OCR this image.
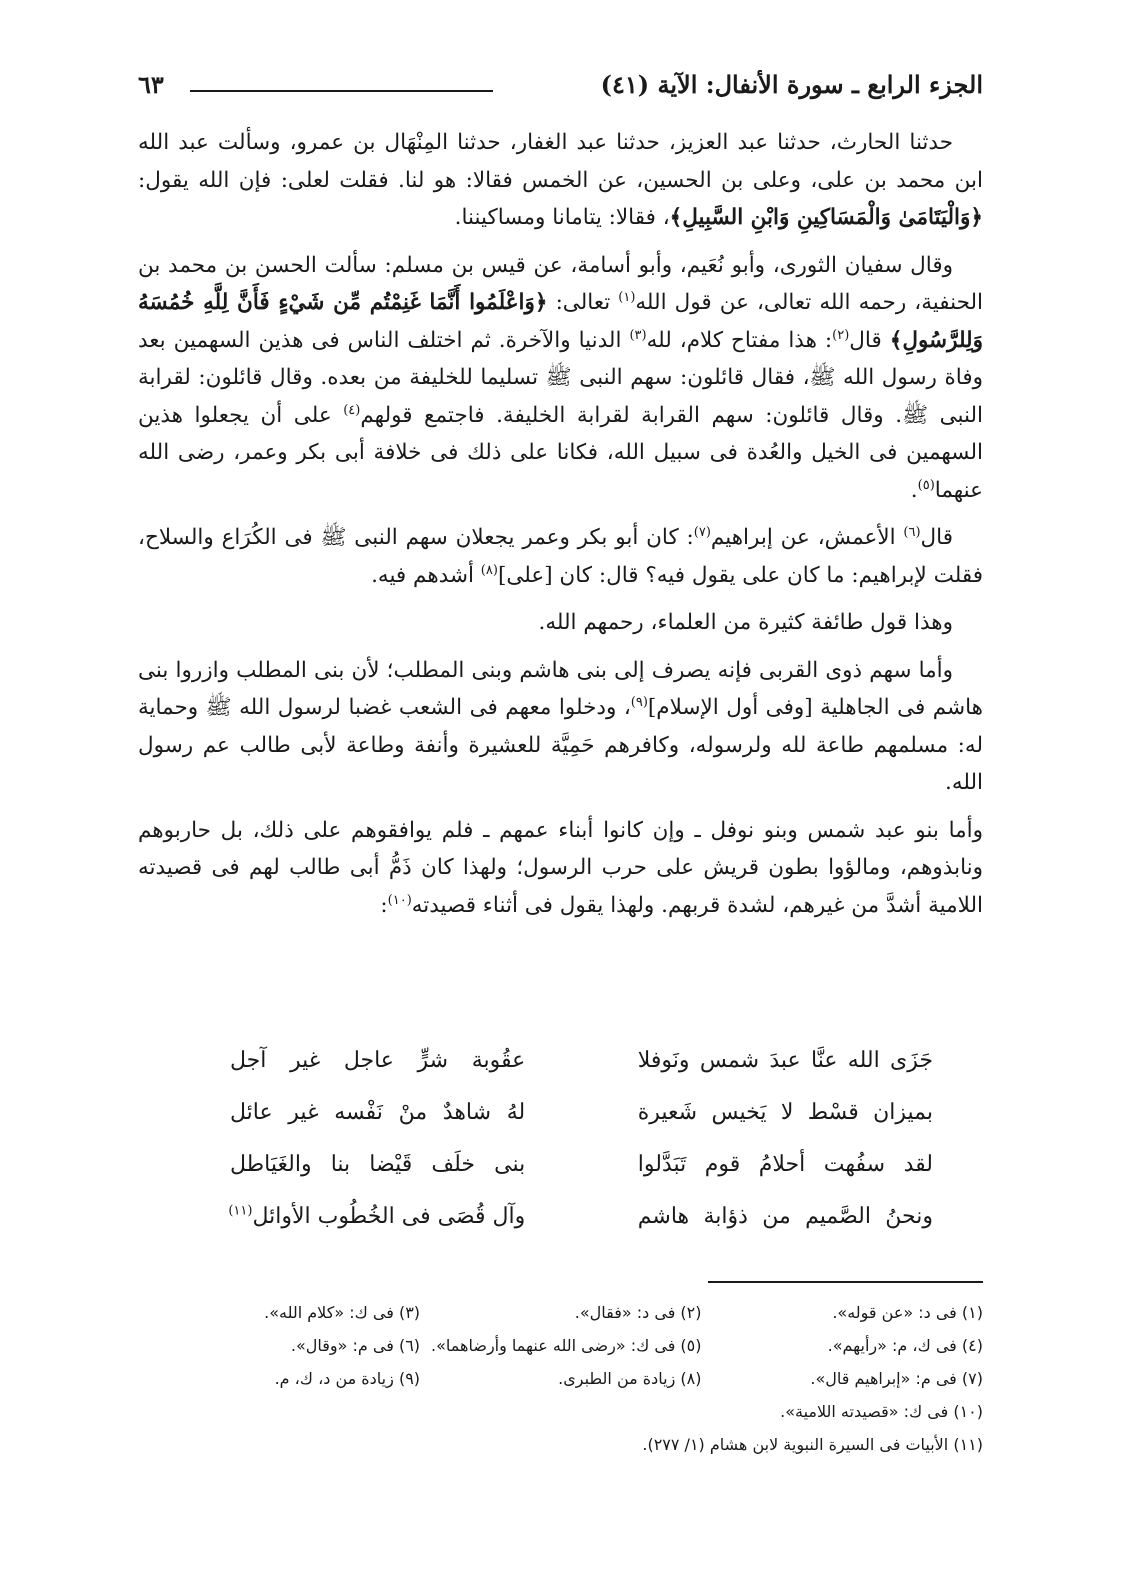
الجزء الرابع ـ سورة الأنفال: الآية (٤١)
٦٣

حدثنا الحارث، حدثنا عبد العزيز، حدثنا عبد الغفار، حدثنا المِنْهَال بن عمرو، وسألت عبد الله ابن محمد بن على، وعلى بن الحسين، عن الخمس فقالا: هو لنا. فقلت لعلى: فإن الله يقول: ﴿وَالْيَتَامَىٰ وَالْمَسَاكِينِ وَابْنِ السَّبِيلِ﴾، فقالا: يتامانا ومساكيننا.

وقال سفيان الثورى، وأبو نُعَيم، وأبو أسامة، عن قيس بن مسلم: سألت الحسن بن محمد بن الحنفية، رحمه الله تعالى، عن قول الله$^{(١)}$ تعالى: ﴿وَاعْلَمُوا أَنَّمَا غَنِمْتُم مِّن شَيْءٍ فَأَنَّ لِلَّهِ خُمُسَهُ وَلِلرَّسُولِ﴾ قال$^{(٢)}$: هذا مفتاح كلام، لله$^{(٣)}$ الدنيا والآخرة. ثم اختلف الناس فى هذين السهمين بعد وفاة رسول الله ﷺ، فقال قائلون: سهم النبى ﷺ تسليما للخليفة من بعده. وقال قائلون: لقرابة النبى ﷺ. وقال قائلون: سهم القرابة لقرابة الخليفة. فاجتمع قولهم$^{(٤)}$ على أن يجعلوا هذين السهمين فى الخيل والعُدة فى سبيل الله، فكانا على ذلك فى خلافة أبى بكر وعمر، رضى الله عنهما$^{(٥)}$.

قال$^{(٦)}$ الأعمش، عن إبراهيم$^{(٧)}$: كان أبو بكر وعمر يجعلان سهم النبى ﷺ فى الكُرَاع والسلاح، فقلت لإبراهيم: ما كان على يقول فيه؟ قال: كان [على]$^{(٨)}$ أشدهم فيه.

وهذا قول طائفة كثيرة من العلماء، رحمهم الله.

وأما سهم ذوى القربى فإنه يصرف إلى بنى هاشم وبنى المطلب؛ لأن بنى المطلب وازروا بنى هاشم فى الجاهلية [وفى أول الإسلام]$^{(٩)}$، ودخلوا معهم فى الشعب غضبا لرسول الله ﷺ وحماية له: مسلمهم طاعة لله ولرسوله، وكافرهم حَمِيَّة للعشيرة وأنفة وطاعة لأبى طالب عم رسول الله.

وأما بنو عبد شمس وبنو نوفل ـ وإن كانوا أبناء عمهم ـ فلم يوافقوهم على ذلك، بل حاربوهم ونابذوهم، ومالؤوا بطون قريش على حرب الرسول؛ ولهذا كان ذَمُّ أبى طالب لهم فى قصيدته اللامية أشدَّ من غيرهم، لشدة قربهم. ولهذا يقول فى أثناء قصيدته$^{(١٠)}$:

جَزَى الله عنَّا عبدَ شمس ونَوفلا
عقُوبة شرٍّ عاجل غير آجل
بميزان قسْط لا يَخيس شَعيرة
لهُ شاهدٌ منْ نَفْسه غير عائل
لقد سفُهت أحلامُ قوم تَبَدَّلوا
بنى خلَف قَيْضا بنا والغَيَاطل
ونحنُ الصَّميم من ذؤابة هاشم
وآل قُصَى فى الخُطُوب الأوائل$^{(١١)}$
(١) فى د: «عن قوله».
(٢) فى د: «فقال».
(٣) فى ك: «كلام الله».
(٤) فى ك، م: «رأيهم».
(٥) فى ك: «رضى الله عنهما وأرضاهما».
(٦) فى م: «وقال».
(٧) فى م: «إبراهيم قال».
(٨) زيادة من الطبرى.
(٩) زيادة من د، ك، م.
(١٠) فى ك: «قصيدته اللامية».
(١١) الأبيات فى السيرة النبوية لابن هشام (١/ ٢٧٧).
